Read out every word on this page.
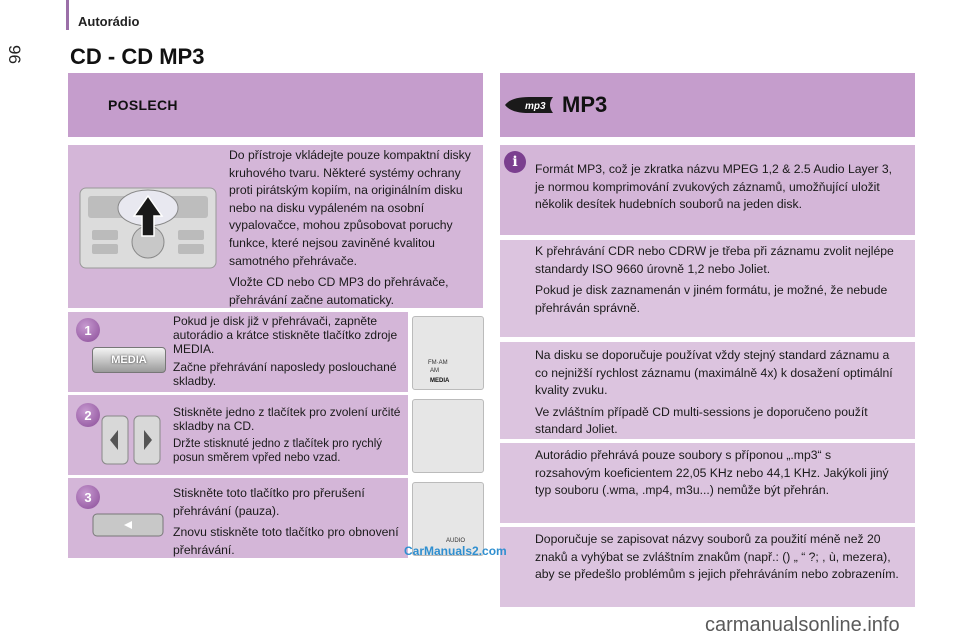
Autorádio
96 CD - CD MP3
POSLECH	mp3 MP3

Do přístroje vkládejte pouze kompaktní disky kruhového tvaru. Některé systémy ochrany proti pirátským kopiím, na originálním disku nebo na disku vypáleném na osobní vypalovačce, mohou způsobovat poruchy funkce, které nejsou zaviněné kvalitou samotného přehrávače.

Vložte CD nebo CD MP3 do přehrávače, přehrávání začne automaticky.

1
MEDIA

Pokud je disk již v přehrávači, zapněte autorádio a krátce stiskněte tlačítko zdroje MEDIA.

Začne přehrávání naposledy poslouchané skladby.

FM·AM
AM
MEDIA
2	Stiskněte jedno z tlačítek pro zvolení určité skladby na CD.

Držte stisknuté jedno z tlačítek pro rychlý posun směrem vpřed nebo vzad.

3	Stiskněte toto tlačítko pro přerušení přehrávání (pauza).

Znovu stiskněte toto tlačítko pro obnovení přehrávání.

AUDIO
i	Formát MP3, což je zkratka názvu MPEG 1,2 & 2.5 Audio Layer 3, je normou komprimování zvukových záznamů, umožňující uložit několik desítek hudebních souborů na jeden disk.

K přehrávání CDR nebo CDRW je třeba při záznamu zvolit nejlépe standardy ISO 9660 úrovně 1,2 nebo Joliet.

Pokud je disk zaznamenán v jiném formátu, je možné, že nebude přehráván správně.

Na disku se doporučuje používat vždy stejný standard záznamu a co nejnižší rychlost záznamu (maximálně 4x) k dosažení optimální kvality zvuku.

Ve zvláštním případě CD multi-sessions je doporučeno použít standard Joliet.

Autorádio přehrává pouze soubory s příponou „.mp3“ s rozsahovým koeficientem 22,05 KHz nebo 44,1 KHz. Jakýkoli jiný typ souboru (.wma, .mp4, m3u...) nemůže být přehrán.
Doporučuje se zapisovat názvy souborů za použití méně než 20 znaků a vyhýbat se zvláštním znakům (např.: () „ “ ?; , ù, mezera), aby se předešlo problémům s jejich přehráváním nebo zobrazením.
CarManuals2.com
carmanualsonline.info
